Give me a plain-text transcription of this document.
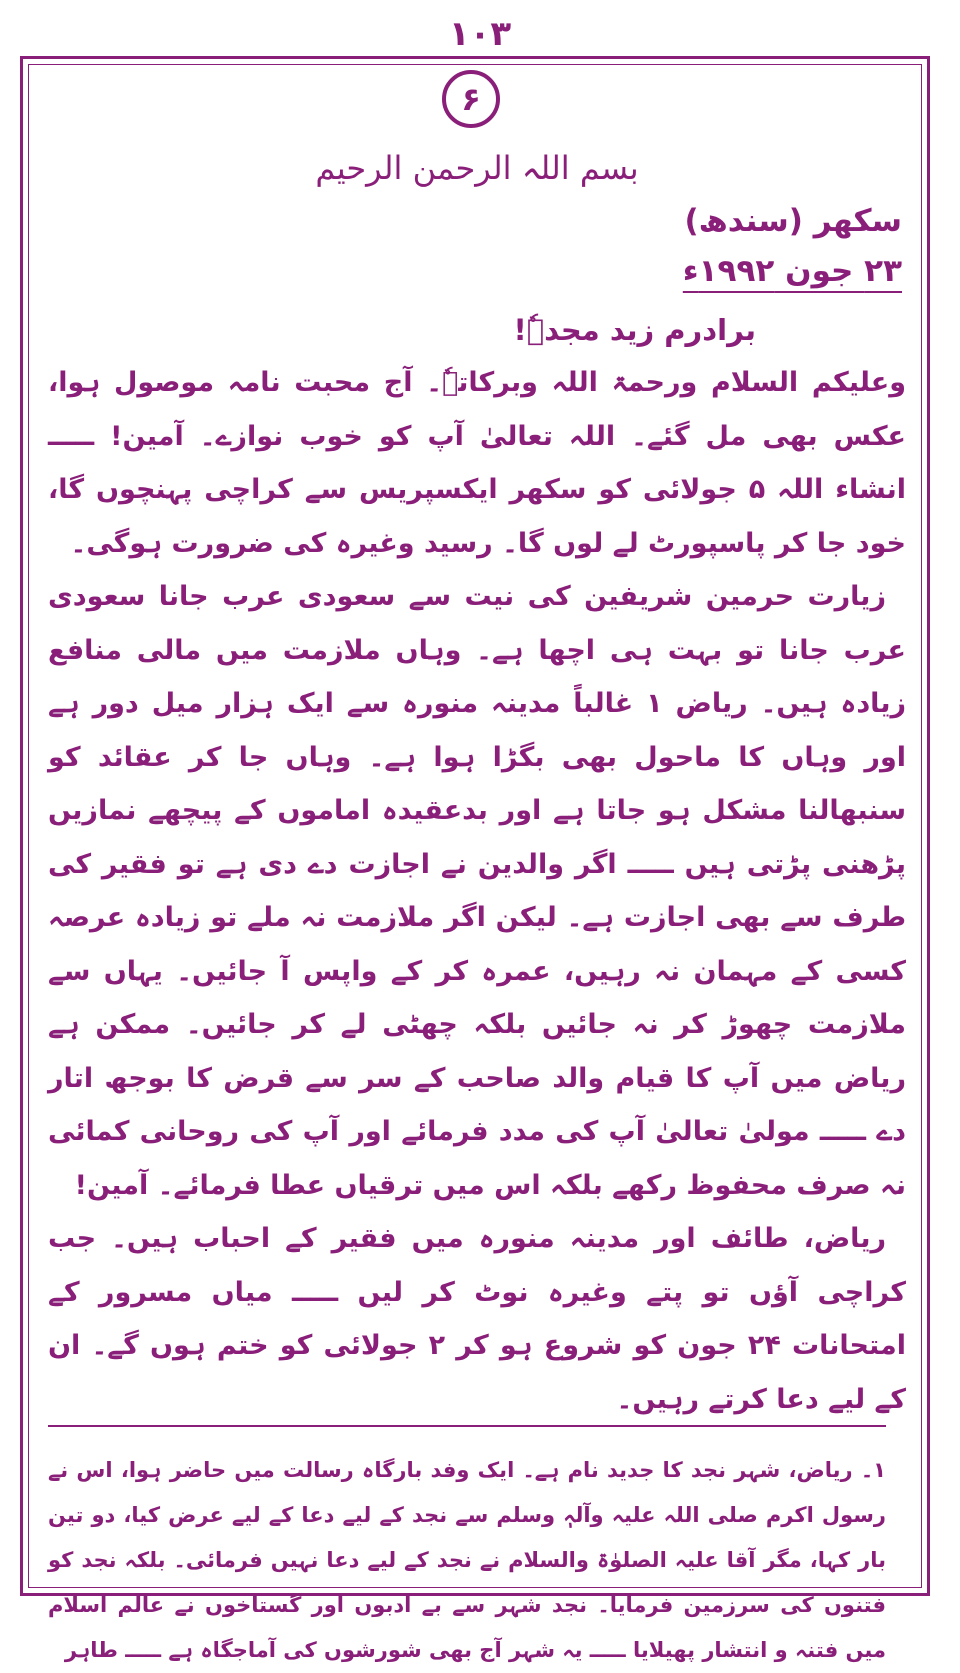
۱۰۳
۶

بسم اللہ الرحمن الرحیم

سکھر (سندھ)

۲۳ جون ۱۹۹۲ء

برادرم زید مجدہٗ!

وعلیکم السلام ورحمۃ اللہ وبرکاتہٗ۔ آج محبت نامہ موصول ہوا، عکس بھی مل گئے۔ اللہ تعالیٰ آپ کو خوب نوازے۔ آمین! ـــــ انشاء اللہ ۵ جولائی کو سکھر ایکسپریس سے کراچی پہنچوں گا، خود جا کر پاسپورٹ لے لوں گا۔ رسید وغیرہ کی ضرورت ہوگی۔

زیارت حرمین شریفین کی نیت سے سعودی عرب جانا سعودی عرب جانا تو بہت ہی اچھا ہے۔ وہاں ملازمت میں مالی منافع زیادہ ہیں۔ ریاض ۱ غالباً مدینہ منورہ سے ایک ہزار میل دور ہے اور وہاں کا ماحول بھی بگڑا ہوا ہے۔ وہاں جا کر عقائد کو سنبھالنا مشکل ہو جاتا ہے اور بدعقیدہ اماموں کے پیچھے نمازیں پڑھنی پڑتی ہیں ـــــ اگر والدین نے اجازت دے دی ہے تو فقیر کی طرف سے بھی اجازت ہے۔ لیکن اگر ملازمت نہ ملے تو زیادہ عرصہ کسی کے مہمان نہ رہیں، عمرہ کر کے واپس آ جائیں۔ یہاں سے ملازمت چھوڑ کر نہ جائیں بلکہ چھٹی لے کر جائیں۔ ممکن ہے ریاض میں آپ کا قیام والد صاحب کے سر سے قرض کا بوجھ اتار دے ـــــ مولیٰ تعالیٰ آپ کی مدد فرمائے اور آپ کی روحانی کمائی نہ صرف محفوظ رکھے بلکہ اس میں ترقیاں عطا فرمائے۔ آمین!

ریاض، طائف اور مدینہ منورہ میں فقیر کے احباب ہیں۔ جب کراچی آؤں تو پتے وغیرہ نوٹ کر لیں ـــــ میاں مسرور کے امتحانات ۲۴ جون کو شروع ہو کر ۲ جولائی کو ختم ہوں گے۔ ان کے لیے دعا کرتے رہیں۔

۱۔ ریاض، شہر نجد کا جدید نام ہے۔ ایک وفد بارگاہ رسالت میں حاضر ہوا، اس نے رسول اکرم صلی اللہ علیہ وآلہٖ وسلم سے نجد کے لیے دعا کے لیے عرض کیا، دو تین بار کہا، مگر آقا علیہ الصلوٰۃ والسلام نے نجد کے لیے دعا نہیں فرمائی۔ بلکہ نجد کو فتنوں کی سرزمین فرمایا۔ نجد شہر سے بے ادبوں اور گستاخوں نے عالم اسلام میں فتنہ و انتشار پھیلایا ـــــ یہ شہر آج بھی شورشوں کی آماجگاہ ہے ـــــ طاہر
